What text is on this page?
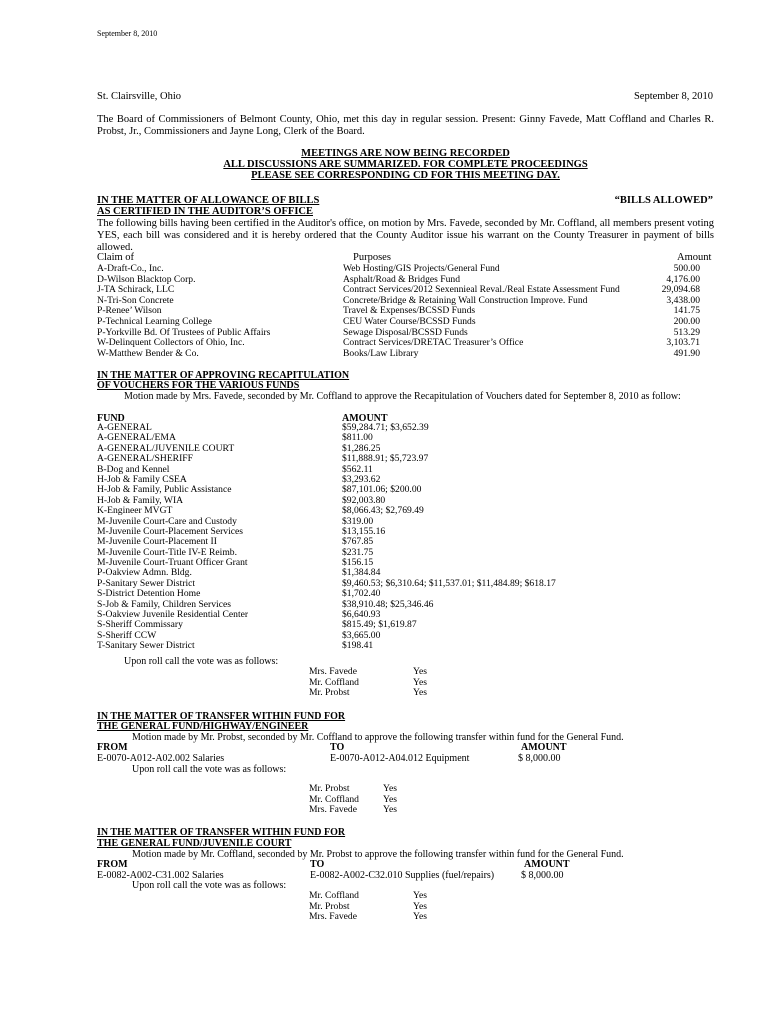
September 8, 2010
St. Clairsville, Ohio	September 8, 2010
The Board of Commissioners of Belmont County, Ohio, met this day in regular session. Present: Ginny Favede, Matt Coffland and Charles R. Probst, Jr., Commissioners and Jayne Long, Clerk of the Board.
MEETINGS ARE NOW BEING RECORDED
ALL DISCUSSIONS ARE SUMMARIZED. FOR COMPLETE PROCEEDINGS
PLEASE SEE CORRESPONDING CD FOR THIS MEETING DAY.
IN THE MATTER OF ALLOWANCE OF BILLS	“BILLS ALLOWED”
AS CERTIFIED IN THE AUDITOR’S OFFICE
The following bills having been certified in the Auditor's office, on motion by Mrs. Favede, seconded by Mr. Coffland, all members present voting YES, each bill was considered and it is hereby ordered that the County Auditor issue his warrant on the County Treasurer in payment of bills allowed.
Claim of	Purposes	Amount
A-Draft-Co., Inc.	Web Hosting/GIS Projects/General Fund	500.00
D-Wilson Blacktop Corp.	Asphalt/Road & Bridges Fund	4,176.00
J-TA Schirack, LLC	Contract Services/2012 Sexennieal Reval./Real Estate Assessment Fund	29,094.68
N-Tri-Son Concrete	Concrete/Bridge & Retaining Wall Construction Improve. Fund	3,438.00
P-Renee’ Wilson	Travel & Expenses/BCSSD Funds	141.75
P-Technical Learning College	CEU Water Course/BCSSD Funds	200.00
P-Yorkville Bd. Of Trustees of Public Affairs	Sewage Disposal/BCSSD Funds	513.29
W-Delinquent Collectors of Ohio, Inc.	Contract Services/DRETAC Treasurer’s Office	3,103.71
W-Matthew Bender & Co.	Books/Law Library	491.90
IN THE MATTER OF APPROVING RECAPITULATION
OF VOUCHERS FOR THE VARIOUS FUNDS
Motion made by Mrs. Favede, seconded by Mr. Coffland to approve the Recapitulation of Vouchers dated for September 8, 2010 as follow:
FUND	AMOUNT
A-GENERAL	$59,284.71; $3,652.39
A-GENERAL/EMA	$811.00
A-GENERAL/JUVENILE COURT	$1,286.25
A-GENERAL/SHERIFF	$11,888.91; $5,723.97
B-Dog and Kennel	$562.11
H-Job & Family CSEA	$3,293.62
H-Job & Family, Public Assistance	$87,101.06; $200.00
H-Job & Family, WIA	$92,003.80
K-Engineer MVGT	$8,066.43; $2,769.49
M-Juvenile Court-Care and Custody	$319.00
M-Juvenile Court-Placement Services	$13,155.16
M-Juvenile Court-Placement II	$767.85
M-Juvenile Court-Title IV-E Reimb.	$231.75
M-Juvenile Court-Truant Officer Grant	$156.15
P-Oakview Admn. Bldg.	$1,384.84
P-Sanitary Sewer District	$9,460.53; $6,310.64; $11,537.01; $11,484.89; $618.17
S-District Detention Home	$1,702.40
S-Job & Family, Children Services	$38,910.48; $25,346.46
S-Oakview Juvenile Residential Center	$6,640.93
S-Sheriff Commissary	$815.49; $1,619.87
S-Sheriff CCW	$3,665.00
T-Sanitary Sewer District	$198.41
Upon roll call the vote was as follows:
Mrs. Favede	Yes
Mr. Coffland	Yes
Mr. Probst	Yes
IN THE MATTER OF TRANSFER WITHIN FUND FOR
THE GENERAL FUND/HIGHWAY/ENGINEER
Motion made by Mr. Probst, seconded by Mr. Coffland to approve the following transfer within fund for the General Fund.
FROM	TO	AMOUNT
E-0070-A012-A02.002 Salaries	E-0070-A012-A04.012 Equipment	$ 8,000.00
Upon roll call the vote was as follows:
Mr. Probst	Yes
Mr. Coffland	Yes
Mrs. Favede	Yes
IN THE MATTER OF TRANSFER WITHIN FUND FOR
THE GENERAL FUND/JUVENILE COURT
Motion made by Mr. Coffland, seconded by Mr. Probst to approve the following transfer within fund for the General Fund.
FROM	TO	AMOUNT
E-0082-A002-C31.002 Salaries	E-0082-A002-C32.010 Supplies (fuel/repairs)	$ 8,000.00
Upon roll call the vote was as follows:
Mr. Coffland	Yes
Mr. Probst	Yes
Mrs. Favede	Yes
